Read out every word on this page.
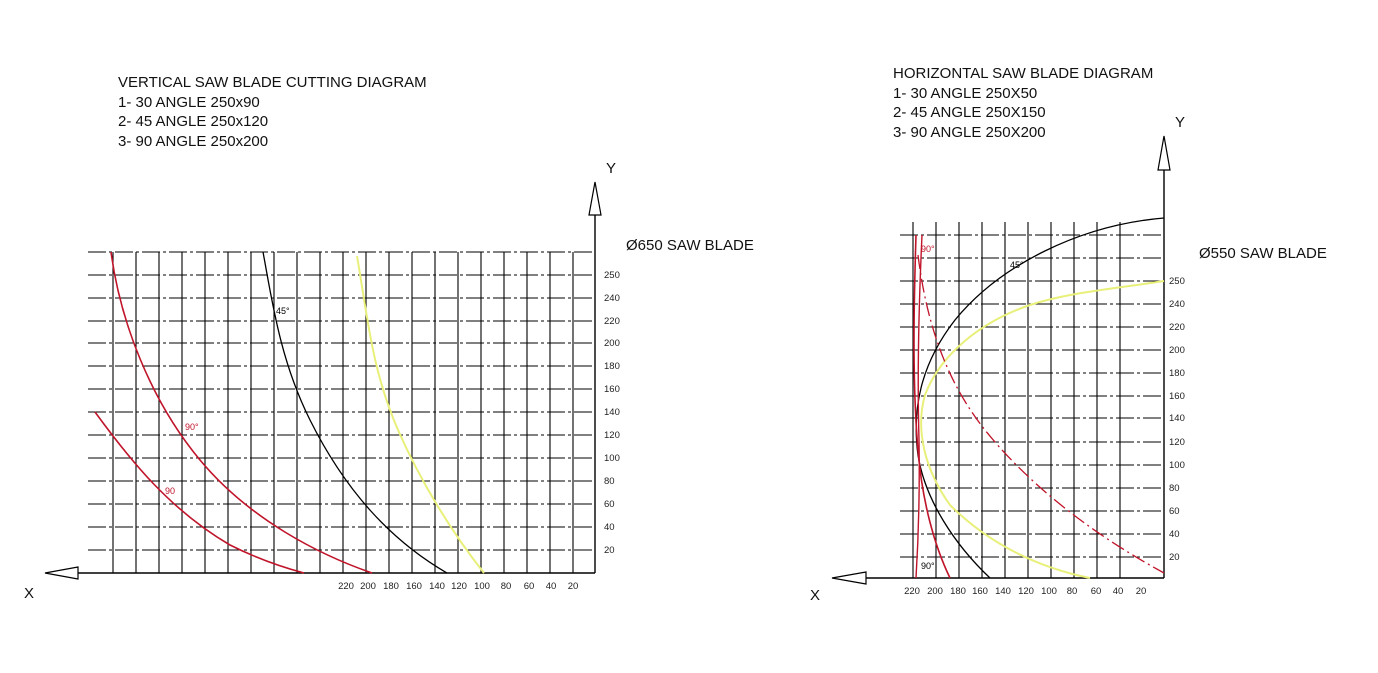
VERTICAL SAW BLADE CUTTING DIAGRAM
1- 30 ANGLE 250x90
2- 45 ANGLE 250x120
3- 90 ANGLE 250x200
Ø650 SAW BLADE
HORIZONTAL SAW BLADE DIAGRAM
1- 30 ANGLE 250X50
2- 45 ANGLE 250X150
3- 90 ANGLE 250X200
Ø550 SAW BLADE
X
Y
45°
90°
90
250
240
220
200
180
160
140
120
100
80
60
40
20
220 200 180 160 140 120 100 80 60 40 20
X
Y
90°
45°
90°
250
240
220
200
180
160
140
120
100
80
60
40
20
220 200 180 160 140 120 100 80 60 40 20
